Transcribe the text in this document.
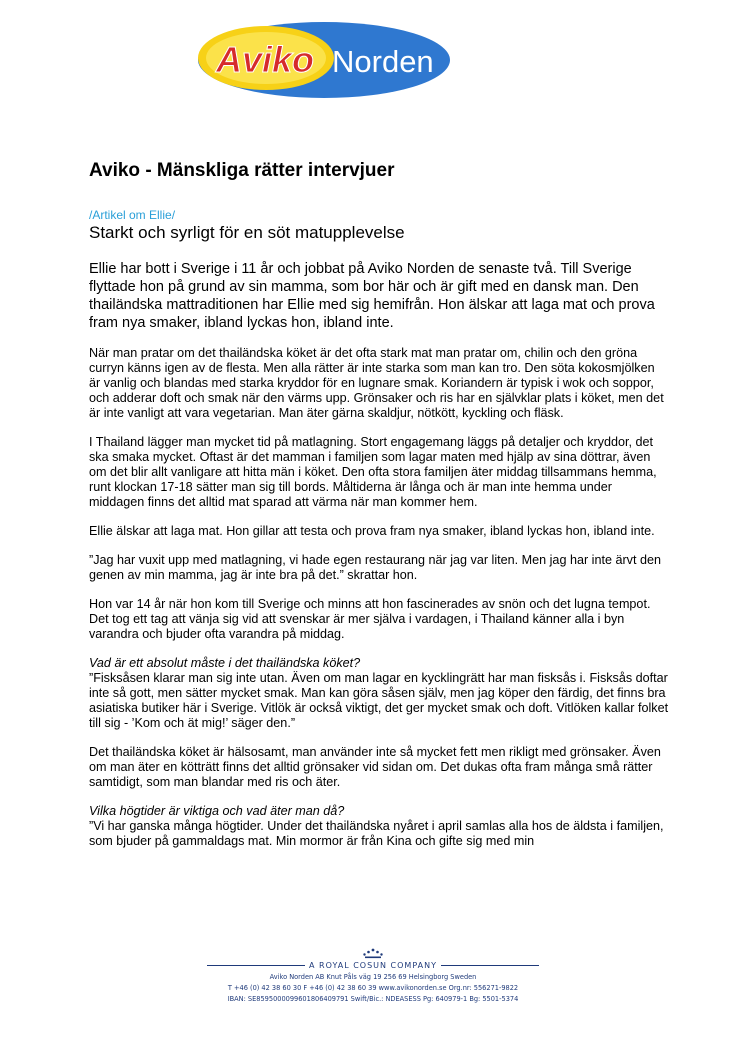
Aviko Norden
Aviko - Mänskliga rätter intervjuer
/Artikel om Ellie/
Starkt och syrligt för en söt matupplevelse

Ellie har bott i Sverige i 11 år och jobbat på Aviko Norden de senaste två. Till Sverige flyttade hon på grund av sin mamma, som bor här och är gift med en dansk man. Den thailändska mattraditionen har Ellie med sig hemifrån. Hon älskar att laga mat och prova fram nya smaker, ibland lyckas hon, ibland inte.

När man pratar om det thailändska köket är det ofta stark mat man pratar om, chilin och den gröna curryn känns igen av de flesta. Men alla rätter är inte starka som man kan tro. Den söta kokosmjölken är vanlig och blandas med starka kryddor för en lugnare smak. Koriandern är typisk i wok och soppor, och adderar doft och smak när den värms upp. Grönsaker och ris har en självklar plats i köket, men det är inte vanligt att vara vegetarian. Man äter gärna skaldjur, nötkött, kyckling och fläsk.

I Thailand lägger man mycket tid på matlagning. Stort engagemang läggs på detaljer och kryddor, det ska smaka mycket. Oftast är det mamman i familjen som lagar maten med hjälp av sina döttrar, även om det blir allt vanligare att hitta män i köket. Den ofta stora familjen äter middag tillsammans hemma, runt klockan 17-18 sätter man sig till bords. Måltiderna är långa och är man inte hemma under middagen finns det alltid mat sparad att värma när man kommer hem.

Ellie älskar att laga mat. Hon gillar att testa och prova fram nya smaker, ibland lyckas hon, ibland inte.

”Jag har vuxit upp med matlagning, vi hade egen restaurang när jag var liten. Men jag har inte ärvt den genen av min mamma, jag är inte bra på det.” skrattar hon.

Hon var 14 år när hon kom till Sverige och minns att hon fascinerades av snön och det lugna tempot. Det tog ett tag att vänja sig vid att svenskar är mer själva i vardagen, i Thailand känner alla i byn varandra och bjuder ofta varandra på middag.

Vad är ett absolut måste i det thailändska köket?

”Fisksåsen klarar man sig inte utan. Även om man lagar en kycklingrätt har man fisksås i. Fisksås doftar inte så gott, men sätter mycket smak. Man kan göra såsen själv, men jag köper den färdig, det finns bra asiatiska butiker här i Sverige. Vitlök är också viktigt, det ger mycket smak och doft. Vitlöken kallar folket till sig - ’Kom och ät mig!’ säger den.”

Det thailändska köket är hälsosamt, man använder inte så mycket fett men rikligt med grönsaker. Även om man äter en kötträtt finns det alltid grönsaker vid sidan om. Det dukas ofta fram många små rätter samtidigt, som man blandar med ris och äter.

Vilka högtider är viktiga och vad äter man då?

”Vi har ganska många högtider. Under det thailändska nyåret i april samlas alla hos de äldsta i familjen, som bjuder på gammaldags mat. Min mormor är från Kina och gifte sig med min

A ROYAL COSUN COMPANY
Aviko Norden AB Knut Påls väg 19 256 69 Helsingborg Sweden
T +46 (0) 42 38 60 30 F +46 (0) 42 38 60 39 www.avikonorden.se Org.nr: 556271-9822
IBAN: SE8595000099601806409791 Swift/Bic.: NDEASESS Pg: 640979-1 Bg: 5501-5374
